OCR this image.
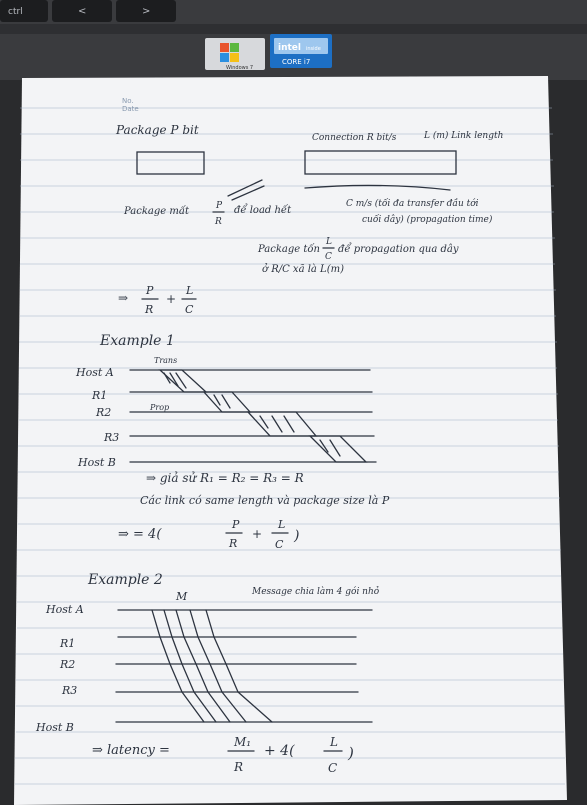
ctrl	<	>
Windows 7
intel inside
CORE i7
No.
Date
Package P bit
Connection R bit/s	L (m) Link length
Package mất	P
R
để load hết
C m/s (tối đa transfer đầu tới
cuối dây) (propagation time)
Package tốn
L
C
để propagation qua dây
ở R/C xã là L(m)
⇒
P
R
+
L
C
Example 1
Host A
R1
R2
R3
Host B
Trans
Prop
⇒ giả sử R₁ = R₂ = R₃ = R
Các link có same length và package size là P
⇒ = 4(
P
R
+
L
C
)
Example 2
M	Message chia làm 4 gói nhỏ
Host A
R1
R2
R3
Host B
⇒ latency =
M₁
R
+ 4(
L
C
)
